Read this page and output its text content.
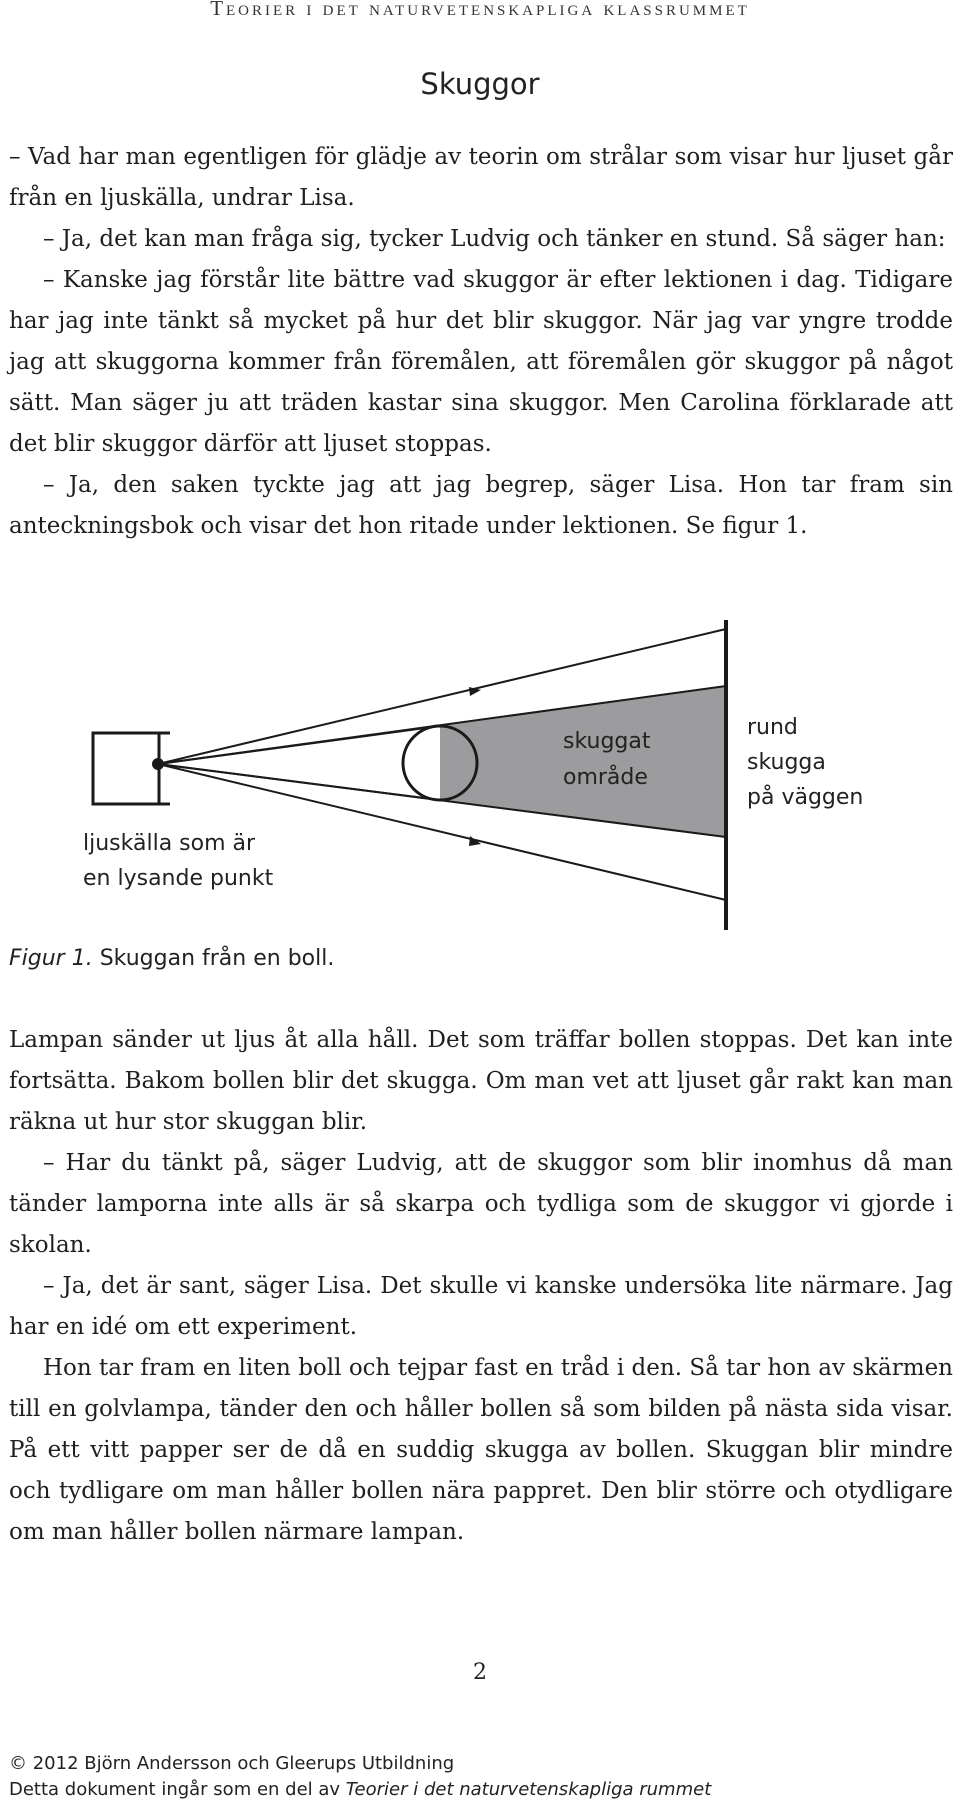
Teorier i det naturvetenskapliga klassrummet
Skuggor

– Vad har man egentligen för glädje av teorin om strålar som visar hur ljuset går från en ljuskälla, undrar Lisa.

– Ja, det kan man fråga sig, tycker Ludvig och tänker en stund. Så säger han:

– Kanske jag förstår lite bättre vad skuggor är efter lektionen i dag. Tidigare har jag inte tänkt så mycket på hur det blir skuggor. När jag var yngre trodde jag att skuggorna kommer från föremålen, att föremålen gör skuggor på något sätt. Man säger ju att träden kastar sina skuggor. Men Carolina förklarade att det blir skuggor därför att ljuset stoppas.

– Ja, den saken tyckte jag att jag begrep, säger Lisa. Hon tar fram sin anteckningsbok och visar det hon ritade under lektionen. Se figur 1.

ljuskälla som är
en lysande punkt
skuggat
område
rund
skugga
på väggen

Figur 1. Skuggan från en boll.

Lampan sänder ut ljus åt alla håll. Det som träffar bollen stoppas. Det kan inte fortsätta. Bakom bollen blir det skugga. Om man vet att ljuset går rakt kan man räkna ut hur stor skuggan blir.

– Har du tänkt på, säger Ludvig, att de skuggor som blir inomhus då man tänder lamporna inte alls är så skarpa och tydliga som de skuggor vi gjorde i skolan.

– Ja, det är sant, säger Lisa. Det skulle vi kanske undersöka lite närmare. Jag har en idé om ett experiment.

Hon tar fram en liten boll och tejpar fast en tråd i den. Så tar hon av skärmen till en golvlampa, tänder den och håller bollen så som bilden på nästa sida visar. På ett vitt papper ser de då en suddig skugga av bollen. Skuggan blir mindre och tydligare om man håller bollen nära pappret. Den blir större och otydligare om man håller bollen närmare lampan.

2
© 2012 Björn Andersson och Gleerups Utbildning
Detta dokument ingår som en del av Teorier i det naturvetenskapliga rummet
